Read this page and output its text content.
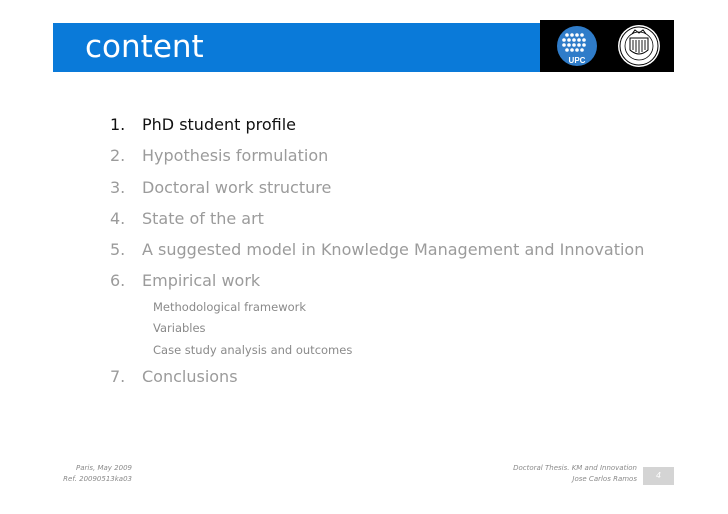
content	UPC
1.	PhD student profile
2.	Hypothesis formulation
3.	Doctoral work structure
4.	State of the art
5.	A suggested model in Knowledge Management and Innovation
6.	Empirical work
Methodological framework
Variables
Case study analysis and outcomes
7.	Conclusions
Paris, May 2009
Ref. 20090513ka03
Doctoral Thesis. KM and Innovation
Jose Carlos Ramos	4
